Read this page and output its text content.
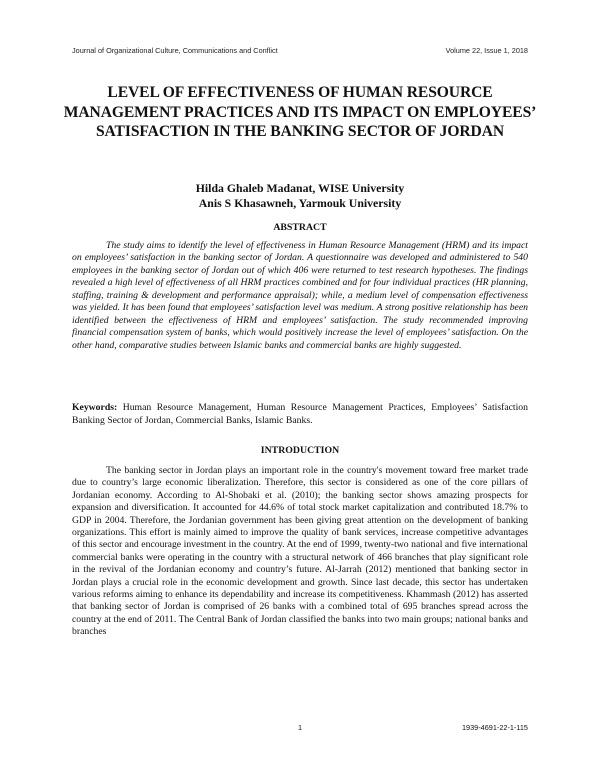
Journal of Organizational Culture, Communications and Conflict	Volume 22, Issue 1, 2018
LEVEL OF EFFECTIVENESS OF HUMAN RESOURCE MANAGEMENT PRACTICES AND ITS IMPACT ON EMPLOYEES’ SATISFACTION IN THE BANKING SECTOR OF JORDAN
Hilda Ghaleb Madanat, WISE University
Anis S Khasawneh, Yarmouk University
ABSTRACT

The study aims to identify the level of effectiveness in Human Resource Management (HRM) and its impact on employees’ satisfaction in the banking sector of Jordan. A questionnaire was developed and administered to 540 employees in the banking sector of Jordan out of which 406 were returned to test research hypotheses. The findings revealed a high level of effectiveness of all HRM practices combined and for four individual practices (HR planning, staffing, training & development and performance appraisal); while, a medium level of compensation effectiveness was yielded. It has been found that employees’ satisfaction level was medium. A strong positive relationship has been identified between the effectiveness of HRM and employees’ satisfaction. The study recommended improving financial compensation system of banks, which would positively increase the level of employees’ satisfaction. On the other hand, comparative studies between Islamic banks and commercial banks are highly suggested.

Keywords: Human Resource Management, Human Resource Management Practices, Employees’ Satisfaction Banking Sector of Jordan, Commercial Banks, Islamic Banks.

INTRODUCTION

The banking sector in Jordan plays an important role in the country's movement toward free market trade due to country’s large economic liberalization. Therefore, this sector is considered as one of the core pillars of Jordanian economy. According to Al-Shobaki et al. (2010); the banking sector shows amazing prospects for expansion and diversification. It accounted for 44.6% of total stock market capitalization and contributed 18.7% to GDP in 2004. Therefore, the Jordanian government has been giving great attention on the development of banking organizations. This effort is mainly aimed to improve the quality of bank services, increase competitive advantages of this sector and encourage investment in the country. At the end of 1999, twenty-two national and five international commercial banks were operating in the country with a structural network of 466 branches that play significant role in the revival of the Jordanian economy and country’s future. Al-Jarrah (2012) mentioned that banking sector in Jordan plays a crucial role in the economic development and growth. Since last decade, this sector has undertaken various reforms aiming to enhance its dependability and increase its competitiveness. Khammash (2012) has asserted that banking sector of Jordan is comprised of 26 banks with a combined total of 695 branches spread across the country at the end of 2011. The Central Bank of Jordan classified the banks into two main groups; national banks and branches

1	1939-4691-22-1-115
